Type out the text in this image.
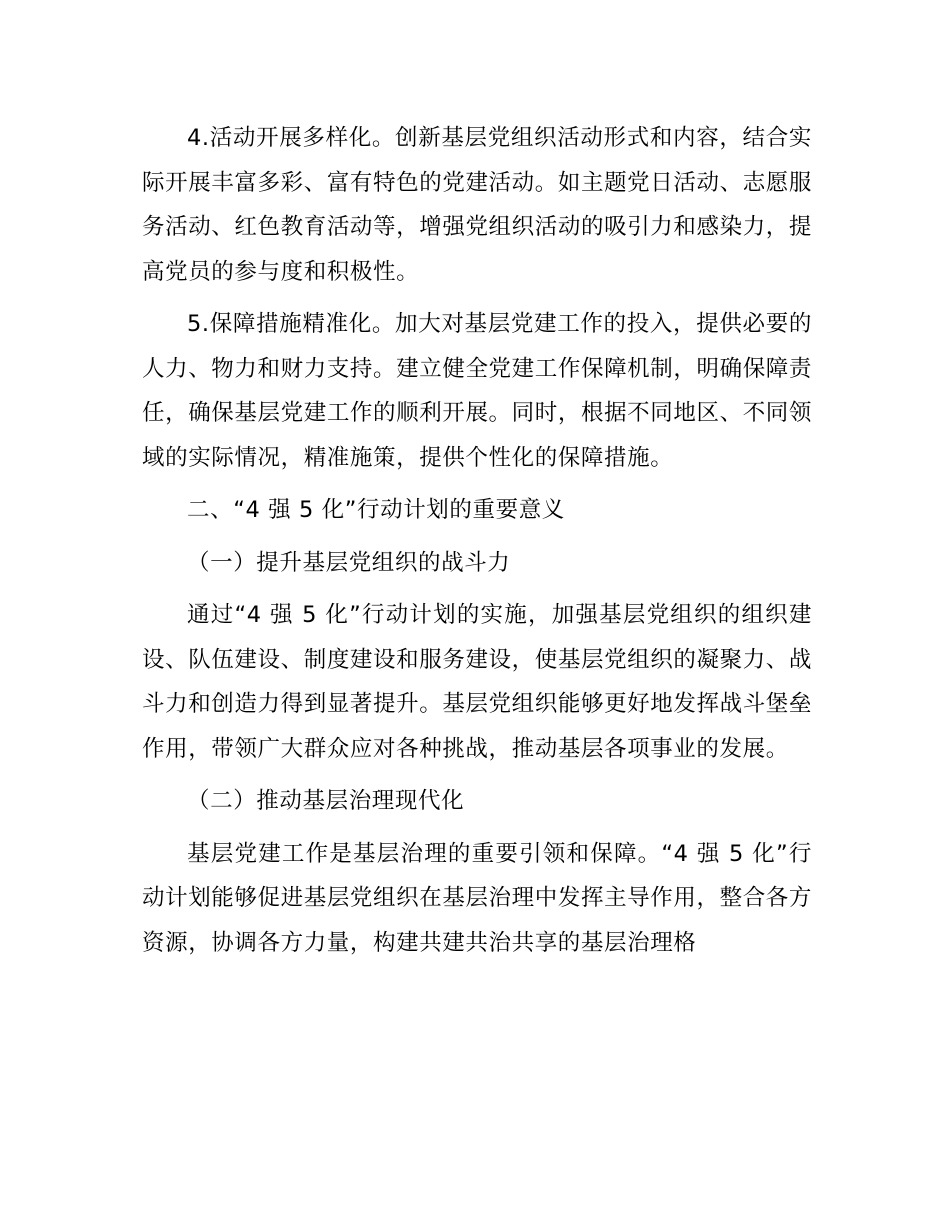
4.活动开展多样化。创新基层党组织活动形式和内容，结合实际开展丰富多彩、富有特色的党建活动。如主题党日活动、志愿服务活动、红色教育活动等，增强党组织活动的吸引力和感染力，提高党员的参与度和积极性。

5.保障措施精准化。加大对基层党建工作的投入，提供必要的人力、物力和财力支持。建立健全党建工作保障机制，明确保障责任，确保基层党建工作的顺利开展。同时，根据不同地区、不同领域的实际情况，精准施策，提供个性化的保障措施。

二、“4 强 5 化”行动计划的重要意义

（一）提升基层党组织的战斗力

通过“4 强 5 化”行动计划的实施，加强基层党组织的组织建设、队伍建设、制度建设和服务建设，使基层党组织的凝聚力、战斗力和创造力得到显著提升。基层党组织能够更好地发挥战斗堡垒作用，带领广大群众应对各种挑战，推动基层各项事业的发展。

（二）推动基层治理现代化

基层党建工作是基层治理的重要引领和保障。“4 强 5 化”行动计划能够促进基层党组织在基层治理中发挥主导作用，整合各方资源，协调各方力量，构建共建共治共享的基层治理格
